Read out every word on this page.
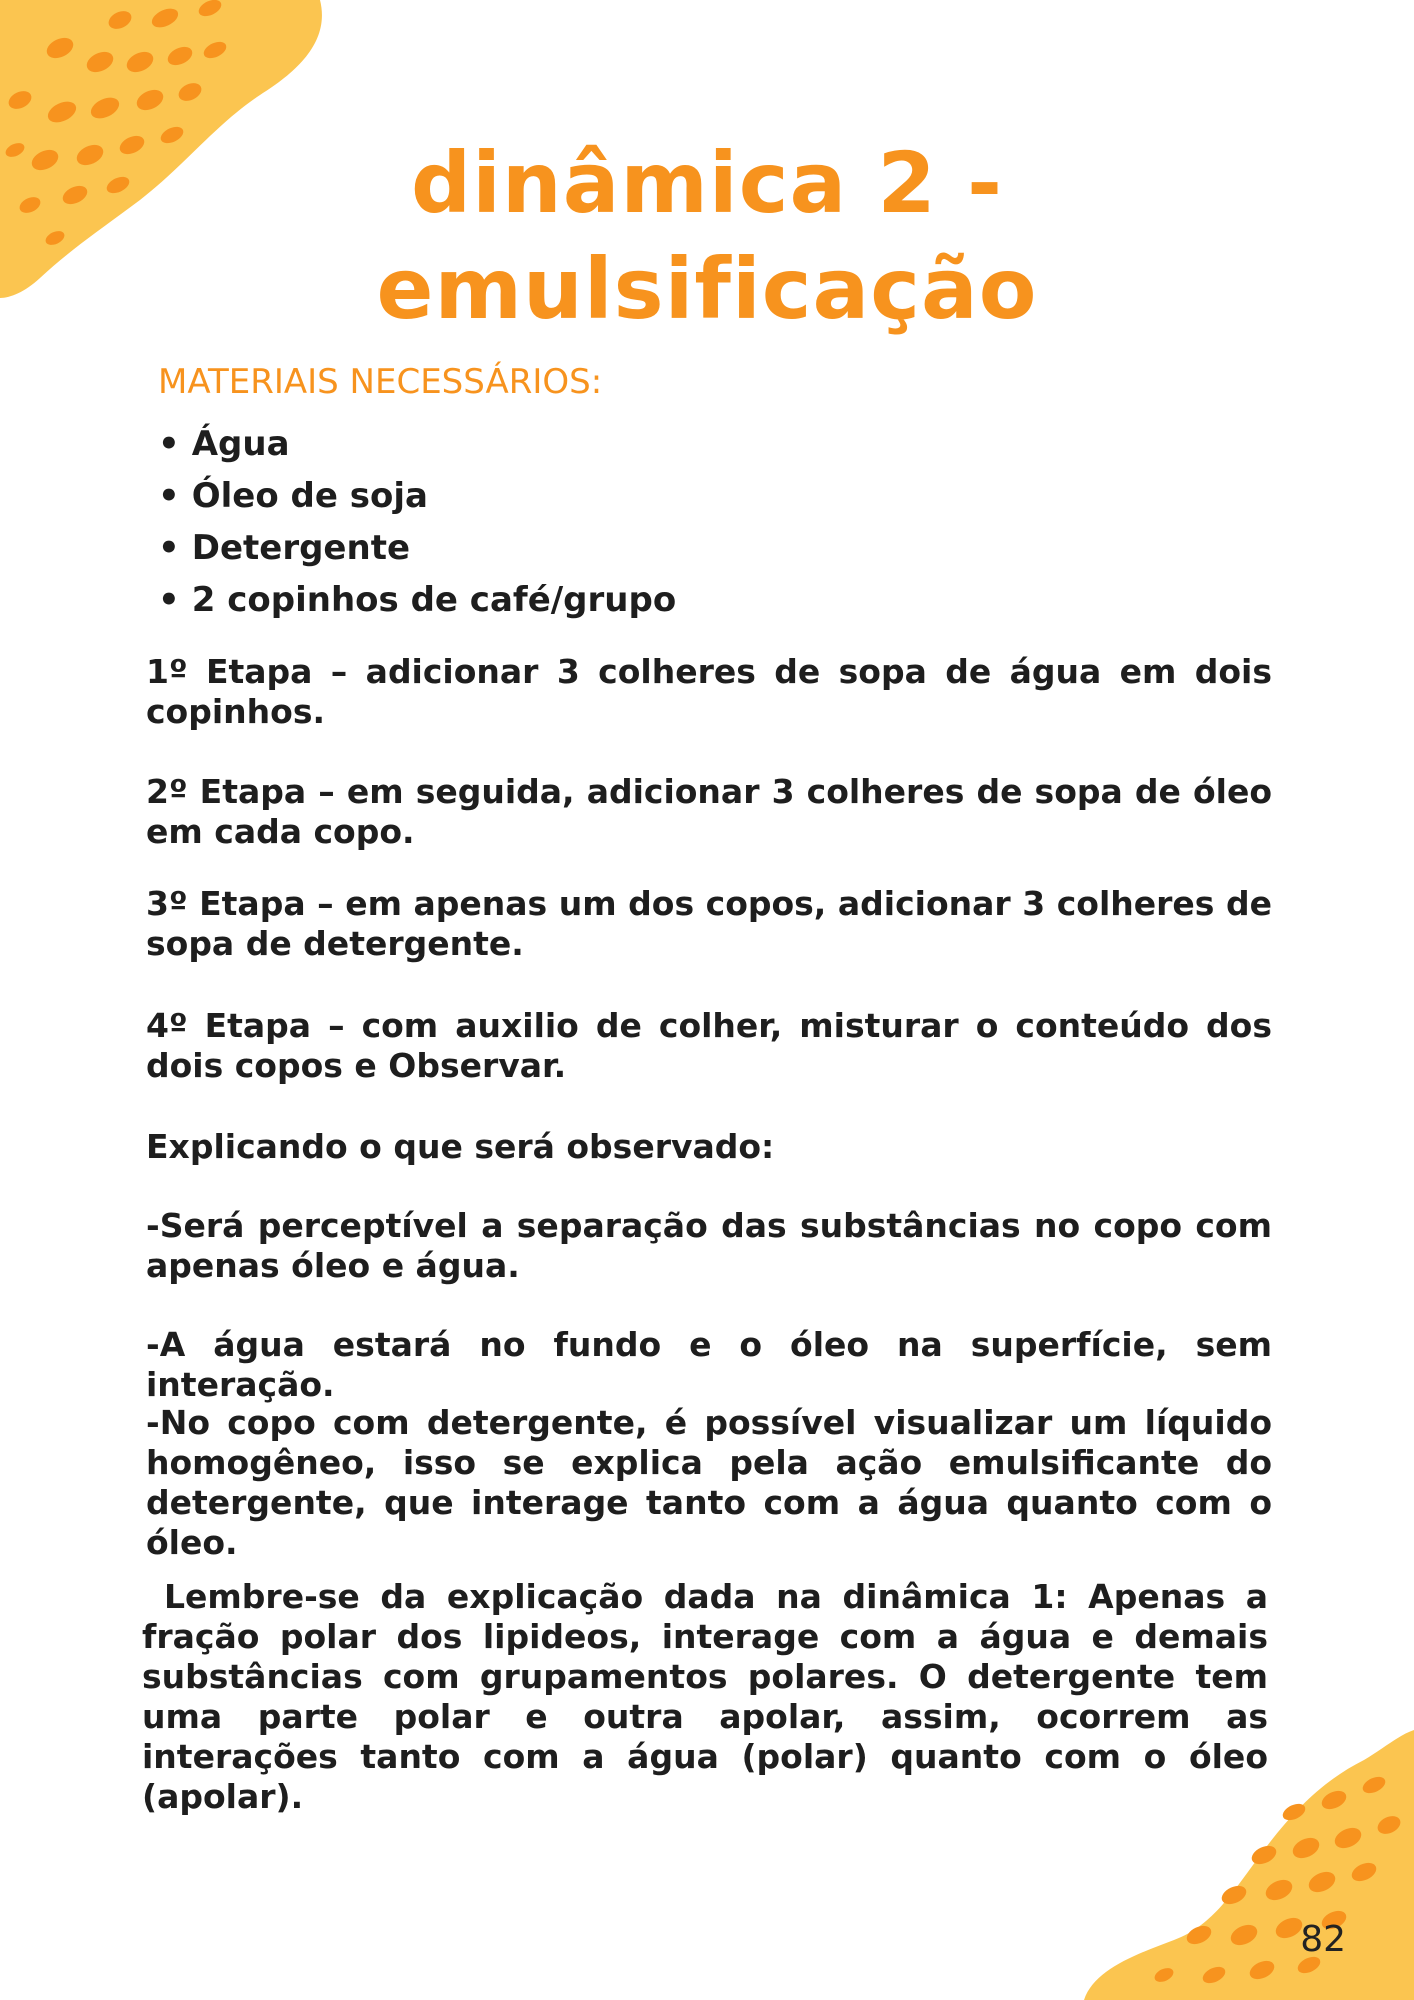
dinâmica 2 -
emulsificação
MATERIAIS NECESSÁRIOS:
• Água
• Óleo de soja
• Detergente
• 2 copinhos de café/grupo

1º Etapa – adicionar 3 colheres de sopa de água em dois copinhos.

2º Etapa – em seguida, adicionar 3 colheres de sopa de óleo em cada copo.

3º Etapa – em apenas um dos copos, adicionar 3 colheres de sopa de detergente.

4º Etapa – com auxilio de colher, misturar o conteúdo dos dois copos e Observar.

Explicando o que será observado:

-Será perceptível a separação das substâncias no copo com apenas óleo e água.

-A água estará no fundo e o óleo na superfície, sem interação.

-No copo com detergente, é possível visualizar um líquido homogêneo, isso se explica pela ação emulsificante do detergente, que interage tanto com a água quanto com o óleo.

Lembre-se da explicação dada na dinâmica 1: Apenas a fração polar dos lipideos, interage com a água e demais substâncias com grupamentos polares. O detergente tem uma parte polar e outra apolar, assim, ocorrem as interações tanto com a água (polar) quanto com o óleo (apolar).

82
